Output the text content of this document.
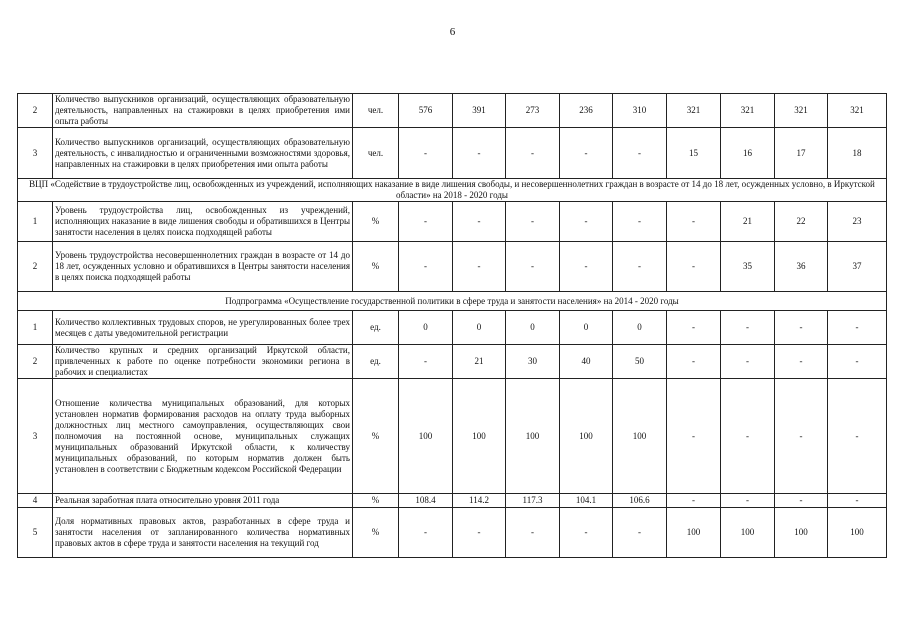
6
2	Количество выпускников организаций, осуществляющих образовательную деятельность, направленных на стажировки в целях приобретения ими опыта работы	чел.	576	391	273	236	310	321	321	321	321
3	Количество выпускников организаций, осуществляющих образовательную деятельность, с инвалидностью и ограниченными возможностями здоровья, направленных на стажировки в целях приобретения ими опыта работы	чел.	-	-	-	-	-	15	16	17	18
ВЦП «Содействие в трудоустройстве лиц, освобожденных из учреждений, исполняющих наказание в виде лишения свободы, и несовершеннолетних граждан в возрасте от 14 до 18 лет, осужденных условно, в Иркутской области» на 2018 - 2020 годы											
1	Уровень трудоустройства лиц, освобожденных из учреждений, исполняющих наказание в виде лишения свободы и обратившихся в Центры занятости населения в целях поиска подходящей работы	%	-	-	-	-	-	-	21	22	23
2	Уровень трудоустройства несовершеннолетних граждан в возрасте от 14 до 18 лет, осужденных условно и обратившихся в Центры занятости населения в целях поиска подходящей работы	%	-	-	-	-	-	-	35	36	37
Подпрограмма «Осуществление государственной политики в сфере труда и занятости населения» на 2014 - 2020 годы											
1	Количество коллективных трудовых споров, не урегулированных более трех месяцев с даты уведомительной регистрации	ед.	0	0	0	0	0	-	-	-	-
2	Количество крупных и средних организаций Иркутской области, привлеченных к работе по оценке потребности экономики региона в рабочих и специалистах	ед.	-	21	30	40	50	-	-	-	-
3	Отношение количества муниципальных образований, для которых установлен норматив формирования расходов на оплату труда выборных должностных лиц местного самоуправления, осуществляющих свои полномочия на постоянной основе, муниципальных служащих муниципальных образований Иркутской области, к количеству муниципальных образований, по которым норматив должен быть установлен в соответствии с Бюджетным кодексом Российской Федерации	%	100	100	100	100	100	-	-	-	-
4	Реальная заработная плата относительно уровня 2011 года	%	108.4	114.2	117.3	104.1	106.6	-	-	-	-
5	Доля нормативных правовых актов, разработанных в сфере труда и занятости населения от запланированного количества нормативных правовых актов в сфере труда и занятости населения на текущий год	%	-	-	-	-	-	100	100	100	100
